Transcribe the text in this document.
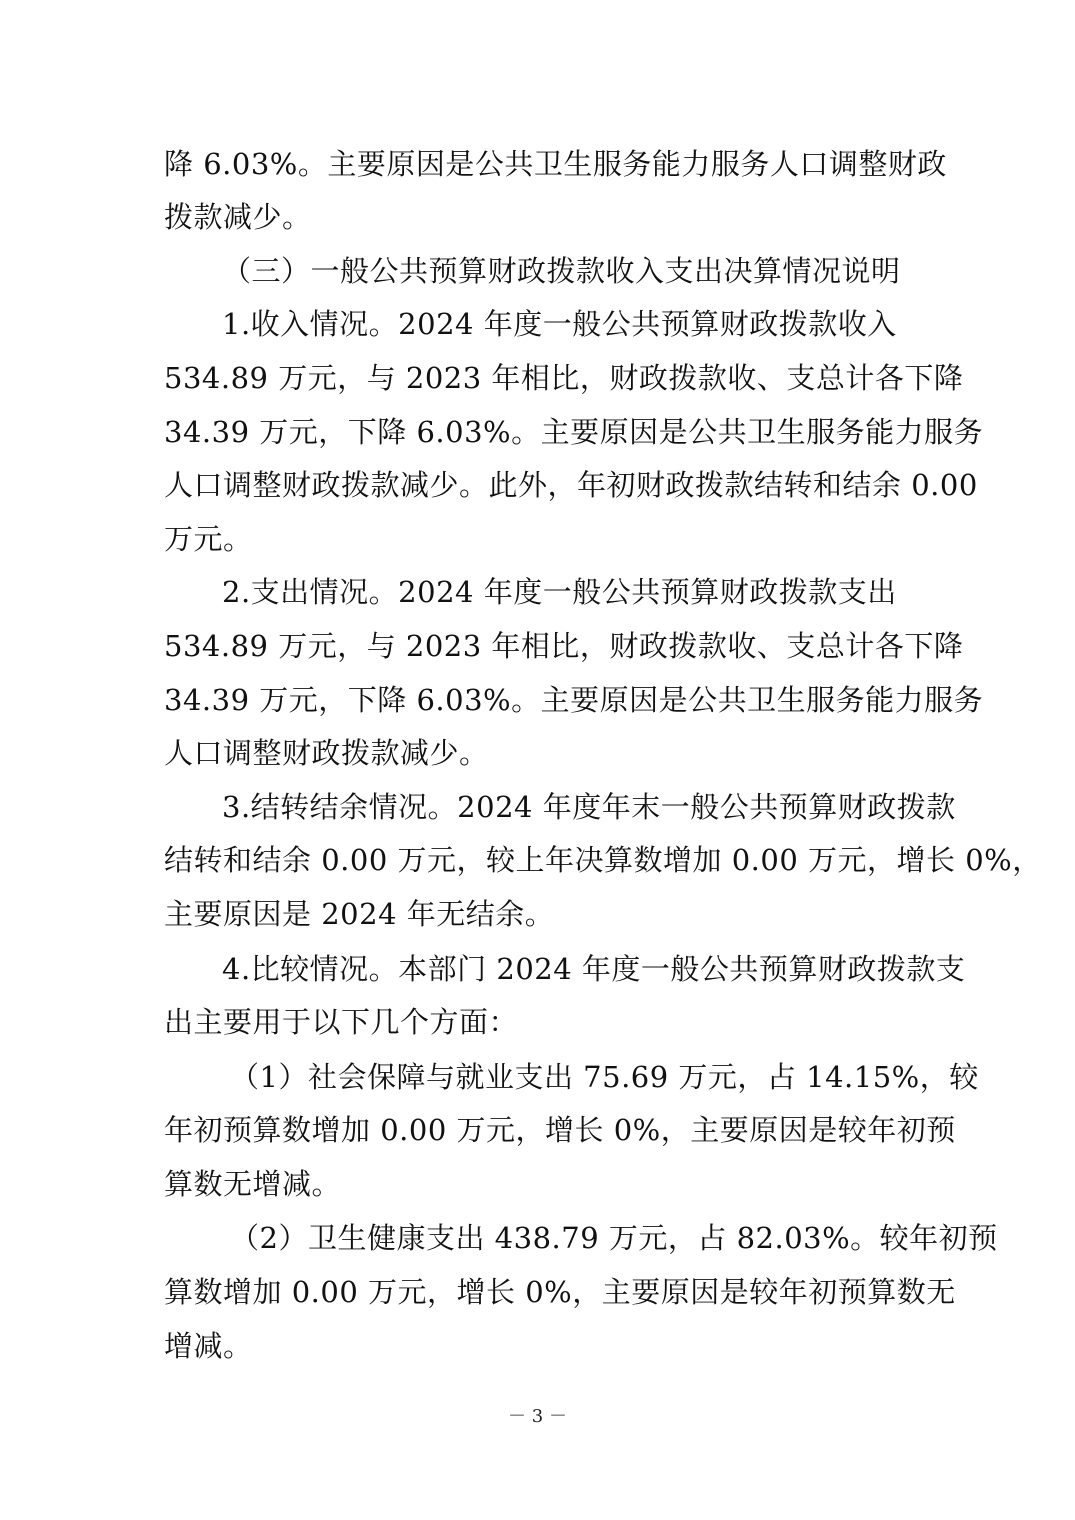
降 6.03%。主要原因是公共卫生服务能力服务人口调整财政
拨款减少。
（三）一般公共预算财政拨款收入支出决算情况说明
1.收入情况。2024 年度一般公共预算财政拨款收入
534.89 万元，与 2023 年相比，财政拨款收、支总计各下降
34.39 万元，下降 6.03%。主要原因是公共卫生服务能力服务
人口调整财政拨款减少。此外，年初财政拨款结转和结余 0.00
万元。
2.支出情况。2024 年度一般公共预算财政拨款支出
534.89 万元，与 2023 年相比，财政拨款收、支总计各下降
34.39 万元，下降 6.03%。主要原因是公共卫生服务能力服务
人口调整财政拨款减少。
3.结转结余情况。2024 年度年末一般公共预算财政拨款
结转和结余 0.00 万元，较上年决算数增加 0.00 万元，增长 0%，
主要原因是 2024 年无结余。
4.比较情况。本部门 2024 年度一般公共预算财政拨款支
出主要用于以下几个方面：
（1）社会保障与就业支出 75.69 万元，占 14.15%，较
年初预算数增加 0.00 万元，增长 0%，主要原因是较年初预
算数无增减。
（2）卫生健康支出 438.79 万元，占 82.03%。较年初预
算数增加 0.00 万元，增长 0%，主要原因是较年初预算数无
增减。
－ 3 －
